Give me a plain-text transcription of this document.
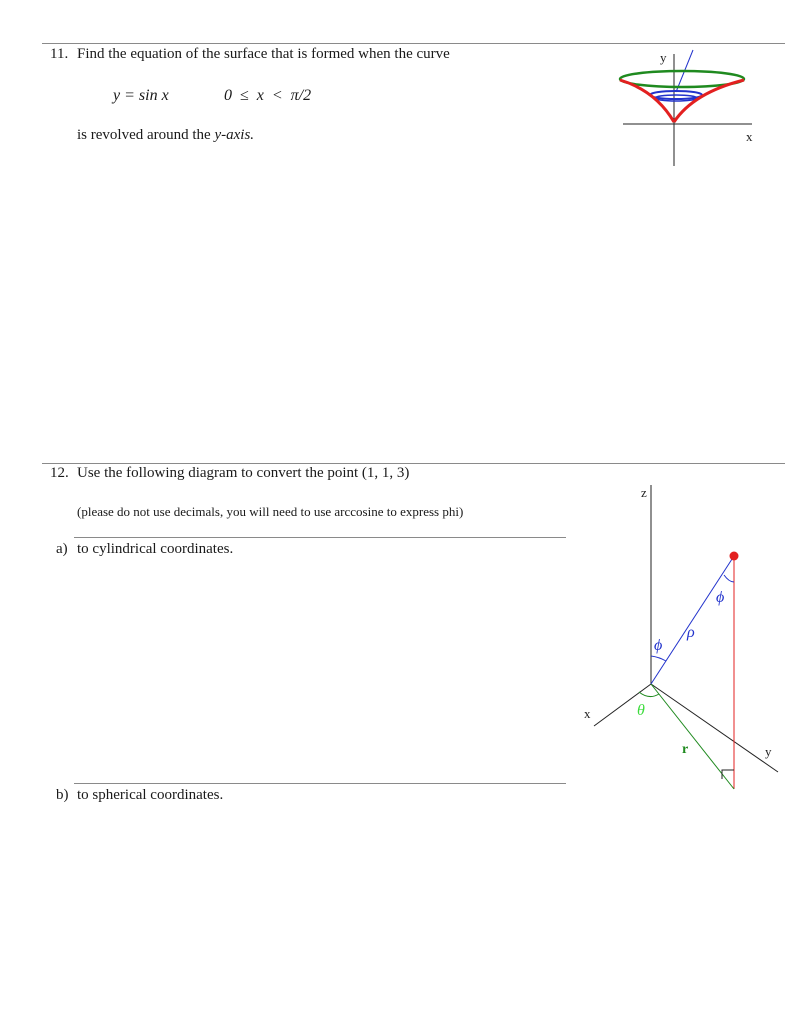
11. Find the equation of the surface that is formed when the curve
y = sin x	0  ≤  x  <  π/2
is revolved around the y-axis.
y
x
12. Use the following diagram to convert the point (1, 1, 3)
(please do not use decimals, you will need to use arccosine to express phi)
a) to cylindrical coordinates.
b) to spherical coordinates.
z
x
y
ϕ
ϕ
ρ
θ
r
